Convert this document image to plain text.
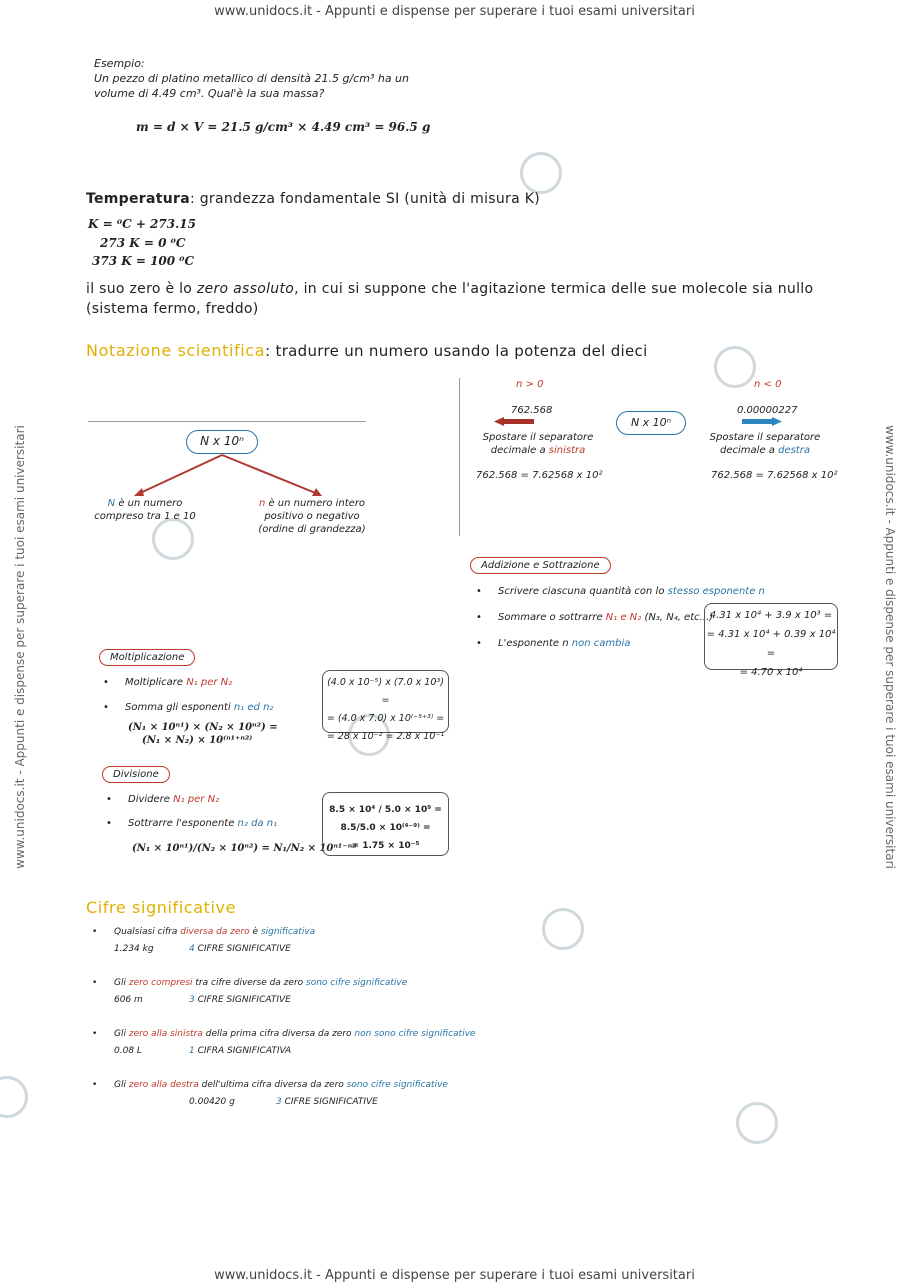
www.unidocs.it - Appunti e dispense per superare i tuoi esami universitari
www.unidocs.it - Appunti e dispense per superare i tuoi esami universitari
www.unidocs.it - Appunti e dispense per superare i tuoi esami universitari	www.unidocs.it - Appunti e dispense per superare i tuoi esami universitari
Esempio:
Un pezzo di platino metallico di densità 21.5 g/cm³ ha un
volume di 4.49 cm³. Qual'è la sua massa?
m = d × V = 21.5 g/cm³ × 4.49 cm³ = 96.5 g
Temperatura: grandezza fondamentale SI (unità di misura K)
K = ⁰C + 273.15
273 K = 0 ⁰C
373 K = 100 ⁰C
il suo zero è lo zero assoluto, in cui si suppone che l'agitazione termica delle sue molecole sia nullo
(sistema fermo, freddo)
Notazione scientifica: tradurre un numero usando la potenza del dieci
N x 10ⁿ
N è un numero
compreso tra 1 e 10
n è un numero intero
positivo o negativo
(ordine di grandezza)
n > 0	n < 0
762.568	0.00000227
N x 10ⁿ
Spostare il separatore
decimale a sinistra
Spostare il separatore
decimale a destra
762.568 = 7.62568 x 10²	762.568 = 7.62568 x 10²
Addizione e Sottrazione
• Scrivere ciascuna quantità con lo stesso esponente n
• Sommare o sottrarre N₁ e N₂ (N₃, N₄, etc...)
• L'esponente n non cambia
4.31 x 10⁴ + 3.9 x 10³ =
= 4.31 x 10⁴ + 0.39 x 10⁴ =
= 4.70 x 10⁴
Moltiplicazione
• Moltiplicare N₁ per N₂
• Somma gli esponenti n₁ ed n₂
(N₁ × 10ⁿ¹) × (N₂ × 10ⁿ²) =
(N₁ × N₂) × 10⁽ⁿ¹⁺ⁿ²⁾
(4.0 x 10⁻⁵) x (7.0 x 10³) =
= (4.0 x 7.0) x 10⁽⁻⁵⁺³⁾ =
= 28 x 10⁻² = 2.8 x 10⁻¹
Divisione
• Dividere N₁ per N₂
• Sottrarre l'esponente n₂ da n₁
(N₁ × 10ⁿ¹)/(N₂ × 10ⁿ²) = N₁/N₂ × 10ⁿ¹⁻ⁿ²
8.5 × 10⁴ / 5.0 × 10⁹ = 8.5/5.0 × 10⁽⁴⁻⁹⁾ =
= 1.75 × 10⁻⁵
Cifre significative
• Qualsiasi cifra diversa da zero è significativa
1.234 kg	4 CIFRE SIGNIFICATIVE
• Gli zero compresi tra cifre diverse da zero sono cifre significative
606 m	3 CIFRE SIGNIFICATIVE
• Gli zero alla sinistra della prima cifra diversa da zero non sono cifre significative
0.08 L	1 CIFRA SIGNIFICATIVA
• Gli zero alla destra dell'ultima cifra diversa da zero sono cifre significative
0.00420 g	3 CIFRE SIGNIFICATIVE
